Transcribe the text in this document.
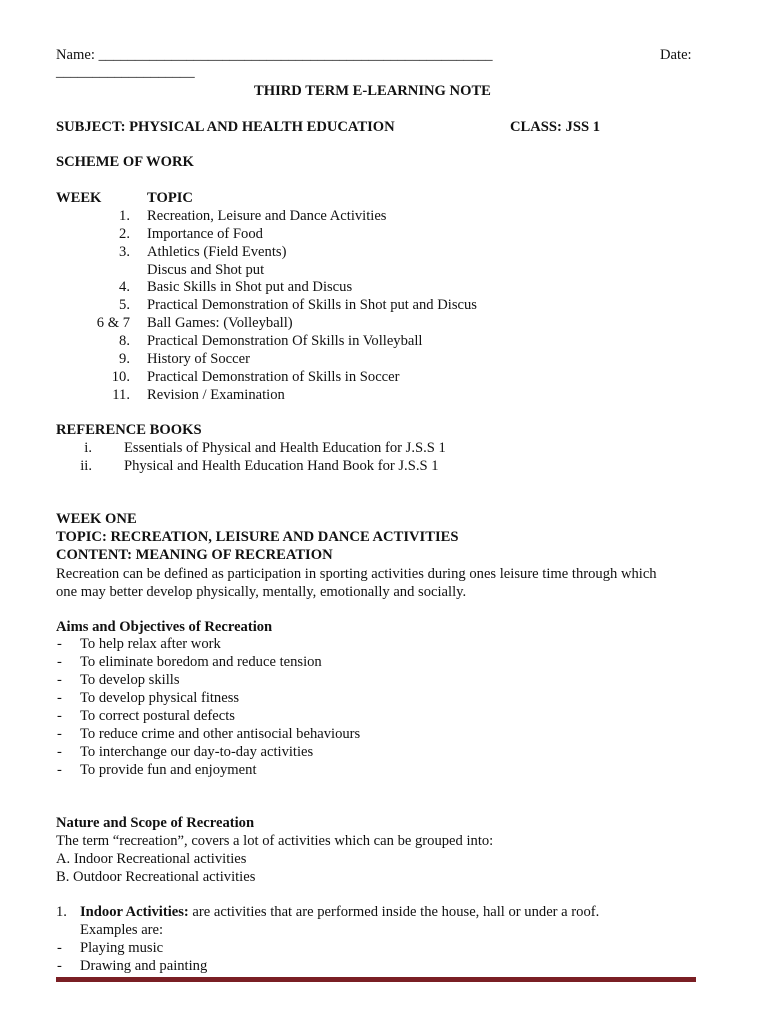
Name: ______________________________________________________	Date:
___________________
THIRD TERM E-LEARNING NOTE
SUBJECT: PHYSICAL AND HEALTH EDUCATION	CLASS: JSS 1
SCHEME OF WORK
WEEK	TOPIC
1. Recreation, Leisure and Dance Activities
2. Importance of Food
3. Athletics (Field Events)
Discus and Shot put
4. Basic Skills in Shot put and Discus
5. Practical Demonstration of Skills in Shot put and Discus
6 & 7 Ball Games: (Volleyball)
8. Practical Demonstration Of Skills in Volleyball
9. History of Soccer
10. Practical Demonstration of Skills in Soccer
11. Revision / Examination
REFERENCE BOOKS
i. Essentials of Physical and Health Education for J.S.S 1
ii. Physical and Health Education Hand Book for J.S.S 1
WEEK ONE
TOPIC: RECREATION, LEISURE AND DANCE ACTIVITIES
CONTENT: MEANING OF RECREATION
Recreation can be defined as participation in sporting activities during ones leisure time through which
one may better develop physically, mentally, emotionally and socially.
Aims and Objectives of Recreation
- To help relax after work
- To eliminate boredom and reduce tension
- To develop skills
- To develop physical fitness
- To correct postural defects
- To reduce crime and other antisocial behaviours
- To interchange our day-to-day activities
- To provide fun and enjoyment
Nature and Scope of Recreation
The term “recreation”, covers a lot of activities which can be grouped into:
A. Indoor Recreational activities
B. Outdoor Recreational activities
1. Indoor Activities: are activities that are performed inside the house, hall or under a roof.
Examples are:
- Playing music
- Drawing and painting
